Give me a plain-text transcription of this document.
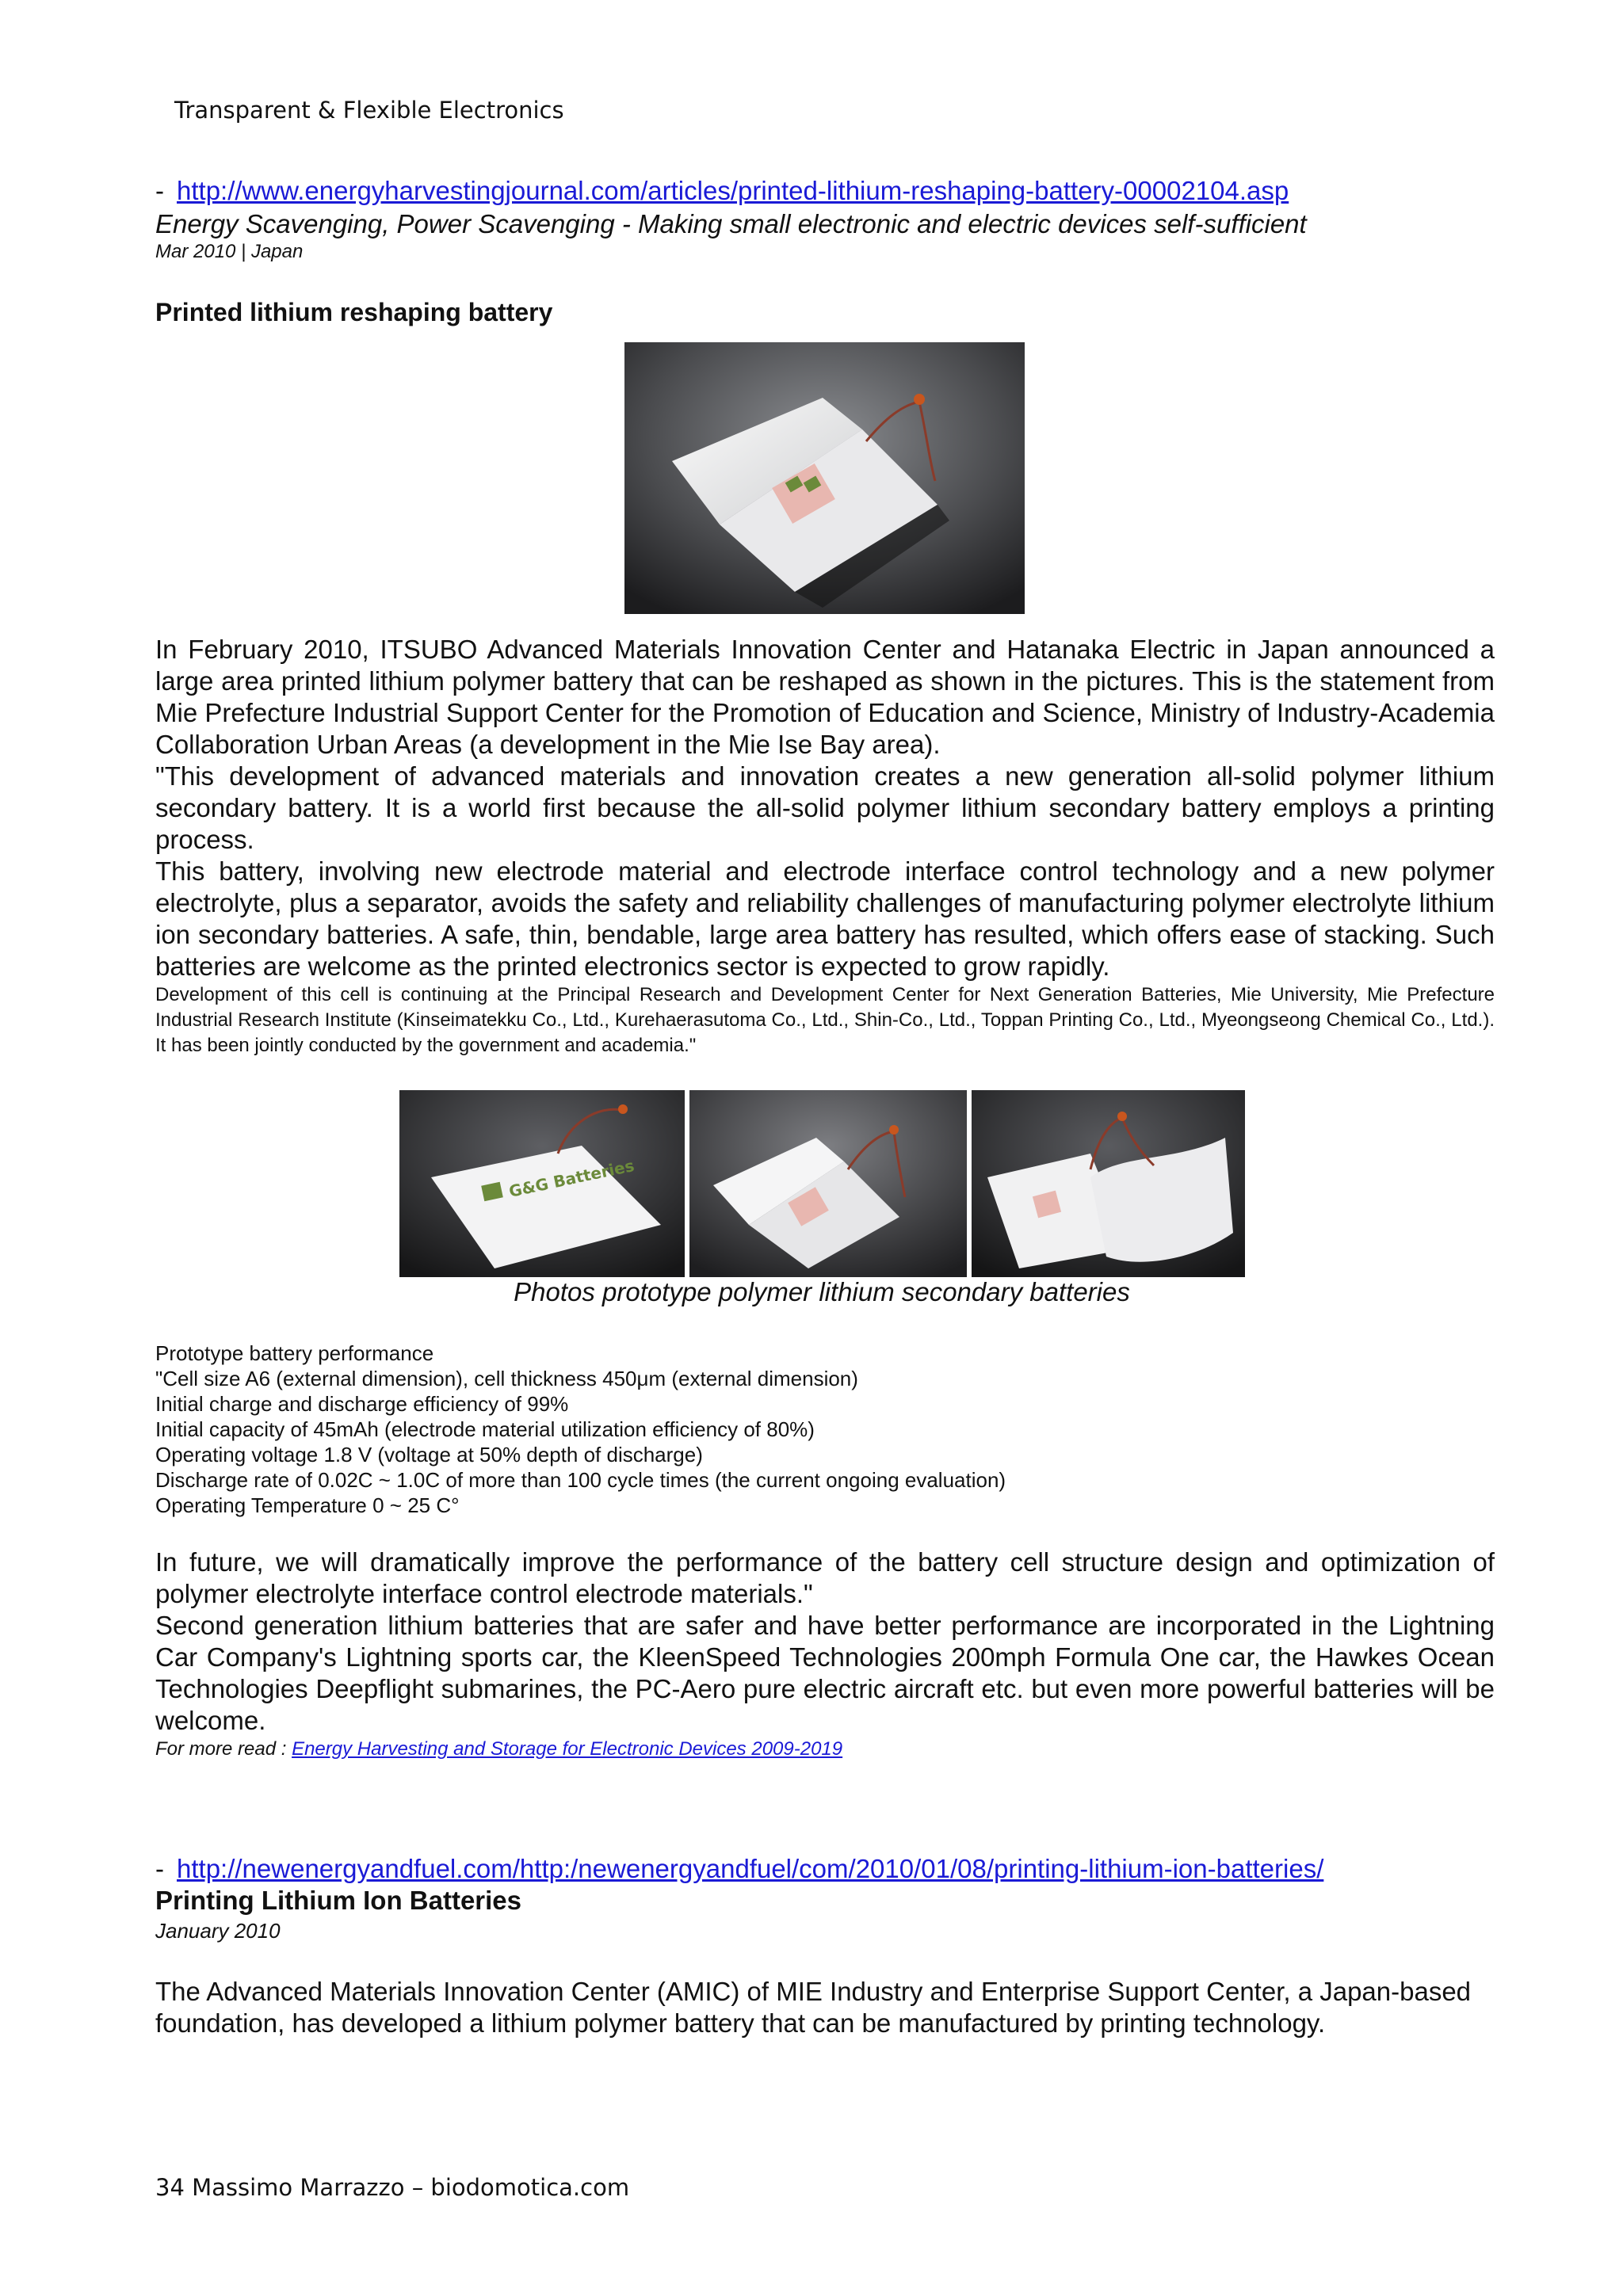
Transparent & Flexible Electronics
- http://www.energyharvestingjournal.com/articles/printed-lithium-reshaping-battery-00002104.asp
Energy Scavenging, Power Scavenging - Making small electronic and electric devices self-sufficient
Mar 2010 | Japan
Printed lithium reshaping battery

In February 2010, ITSUBO Advanced Materials Innovation Center and Hatanaka Electric in Japan announced a large area printed lithium polymer battery that can be reshaped as shown in the pictures. This is the statement from Mie Prefecture Industrial Support Center for the Promotion of Education and Science, Ministry of Industry-Academia Collaboration Urban Areas (a development in the Mie Ise Bay area).

"This development of advanced materials and innovation creates a new generation all-solid polymer lithium secondary battery. It is a world first because the all-solid polymer lithium secondary battery employs a printing process.

This battery, involving new electrode material and electrode interface control technology and a new polymer electrolyte, plus a separator, avoids the safety and reliability challenges of manufacturing polymer electrolyte lithium ion secondary batteries. A safe, thin, bendable, large area battery has resulted, which offers ease of stacking. Such batteries are welcome as the printed electronics sector is expected to grow rapidly.

Development of this cell is continuing at the Principal Research and Development Center for Next Generation Batteries, Mie University, Mie Prefecture Industrial Research Institute (Kinseimatekku Co., Ltd., Kurehaerasutoma Co., Ltd., Shin-Co., Ltd., Toppan Printing Co., Ltd., Myeongseong Chemical Co., Ltd.). It has been jointly conducted by the government and academia."

G&G Batteries
Photos prototype polymer lithium secondary batteries
Prototype battery performance
"Cell size A6 (external dimension), cell thickness 450μm (external dimension)
Initial charge and discharge efficiency of 99%
Initial capacity of 45mAh (electrode material utilization efficiency of 80%)
Operating voltage 1.8 V (voltage at 50% depth of discharge)
Discharge rate of 0.02C ~ 1.0C of more than 100 cycle times (the current ongoing evaluation)
Operating Temperature 0 ~ 25 C°

In future, we will dramatically improve the performance of the battery cell structure design and optimization of polymer electrolyte interface control electrode materials."

Second generation lithium batteries that are safer and have better performance are incorporated in the Lightning Car Company's Lightning sports car, the KleenSpeed Technologies 200mph Formula One car, the Hawkes Ocean Technologies Deepflight submarines, the PC-Aero pure electric aircraft etc. but even more powerful batteries will be welcome.

For more read : Energy Harvesting and Storage for Electronic Devices 2009-2019
- http://newenergyandfuel.com/http:/newenergyandfuel/com/2010/01/08/printing-lithium-ion-batteries/
Printing Lithium Ion Batteries
January 2010
The Advanced Materials Innovation Center (AMIC) of MIE Industry and Enterprise Support Center, a Japan-based foundation, has developed a lithium polymer battery that can be manufactured by printing technology.
34 Massimo Marrazzo – biodomotica.com
